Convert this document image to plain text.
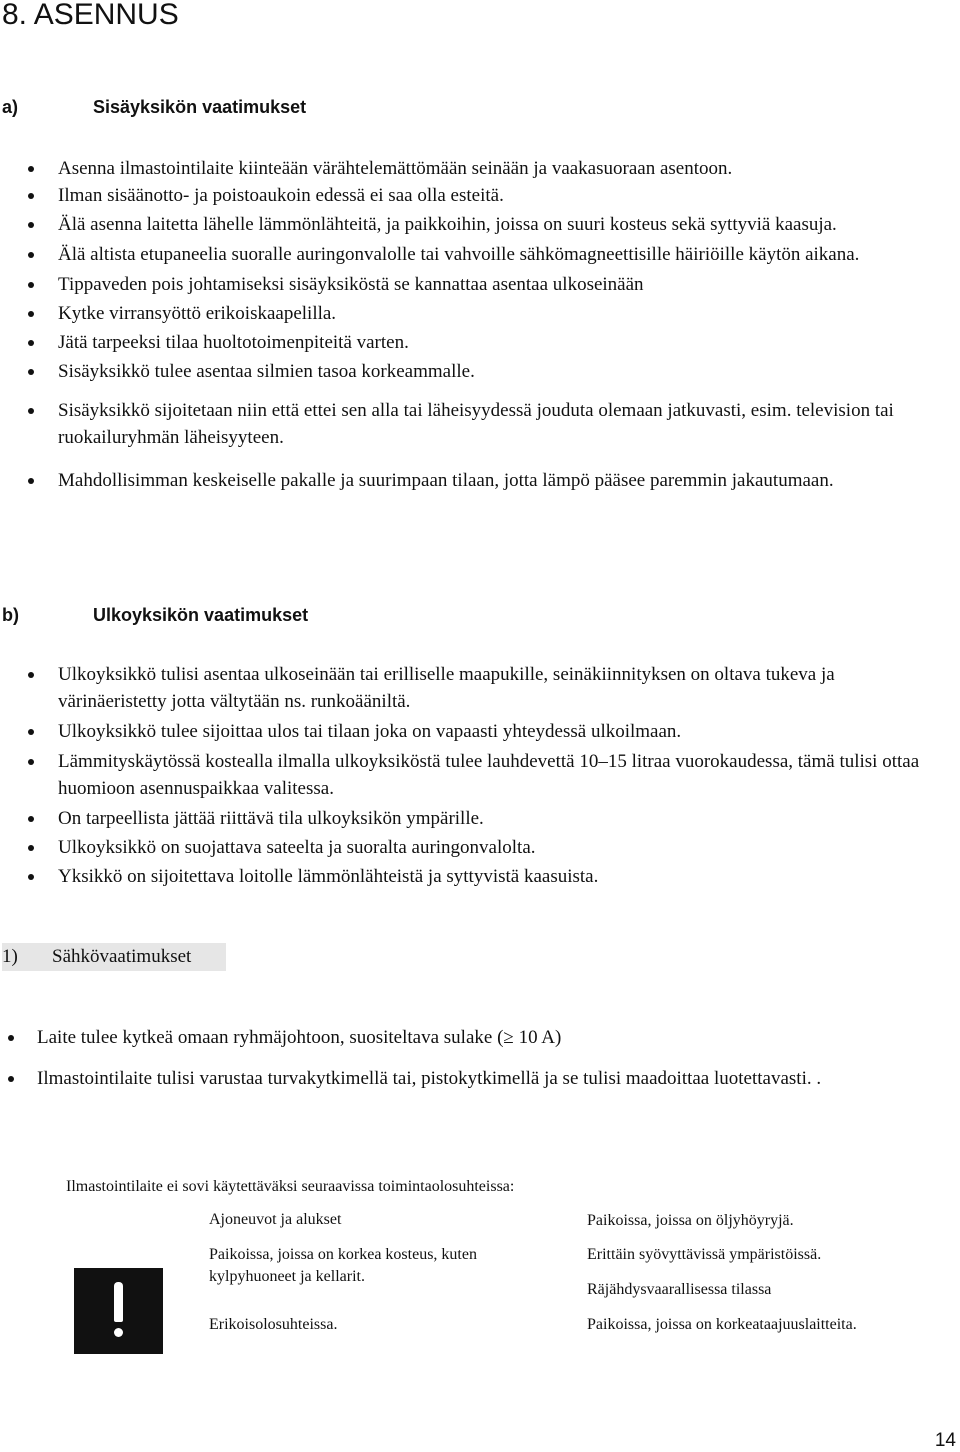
8. ASENNUS
a)	Sisäyksikön vaatimukset
Asenna ilmastointilaite kiinteään värähtelemättömään seinään ja vaakasuoraan asentoon.
Ilman sisäänotto- ja poistoaukoin edessä ei saa olla esteitä.
Älä asenna laitetta lähelle lämmönlähteitä, ja paikkoihin, joissa on suuri kosteus sekä syttyviä kaasuja.
Älä altista etupaneelia suoralle auringonvalolle tai vahvoille sähkömagneettisille häiriöille käytön aikana.
Tippaveden pois johtamiseksi sisäyksiköstä se kannattaa asentaa ulkoseinään
Kytke virransyöttö erikoiskaapelilla.
Jätä tarpeeksi tilaa huoltotoimenpiteitä varten.
Sisäyksikkö tulee asentaa silmien tasoa korkeammalle.
Sisäyksikkö sijoitetaan niin että ettei sen alla tai läheisyydessä jouduta olemaan jatkuvasti, esim. television tai ruokailuryhmän läheisyyteen.
Mahdollisimman keskeiselle pakalle ja suurimpaan tilaan, jotta lämpö pääsee paremmin jakautumaan.
b)	Ulkoyksikön vaatimukset
Ulkoyksikkö tulisi asentaa ulkoseinään tai erilliselle maapukille, seinäkiinnityksen on oltava tukeva ja värinäeristetty jotta vältytään ns. runkoääniltä.
Ulkoyksikkö tulee sijoittaa ulos tai tilaan joka on vapaasti yhteydessä ulkoilmaan.
Lämmityskäytössä kostealla ilmalla ulkoyksiköstä tulee lauhdevettä 10–15 litraa vuorokaudessa, tämä tulisi ottaa huomioon asennuspaikkaa valitessa.
On tarpeellista jättää riittävä tila ulkoyksikön ympärille.
Ulkoyksikkö on suojattava sateelta ja suoralta auringonvalolta.
Yksikkö on sijoitettava loitolle lämmönlähteistä ja syttyvistä kaasuista.
1) Sähkövaatimukset
Laite tulee kytkeä omaan ryhmäjohtoon, suositeltava sulake (≥ 10 A)
Ilmastointilaite tulisi varustaa turvakytkimellä tai, pistokytkimellä ja se tulisi maadoittaa luotettavasti. .
Ilmastointilaite ei sovi käytettäväksi seuraavissa toimintaolosuhteissa:
Ajoneuvot ja alukset
Paikoissa, joissa on korkea kosteus, kuten kylpyhuoneet ja kellarit.
Erikoisolosuhteissa.
Paikoissa, joissa on öljyhöyryjä.
Erittäin syövyttävissä ympäristöissä.
Räjähdysvaarallisessa tilassa
Paikoissa, joissa on korkeataajuuslaitteita.
14
